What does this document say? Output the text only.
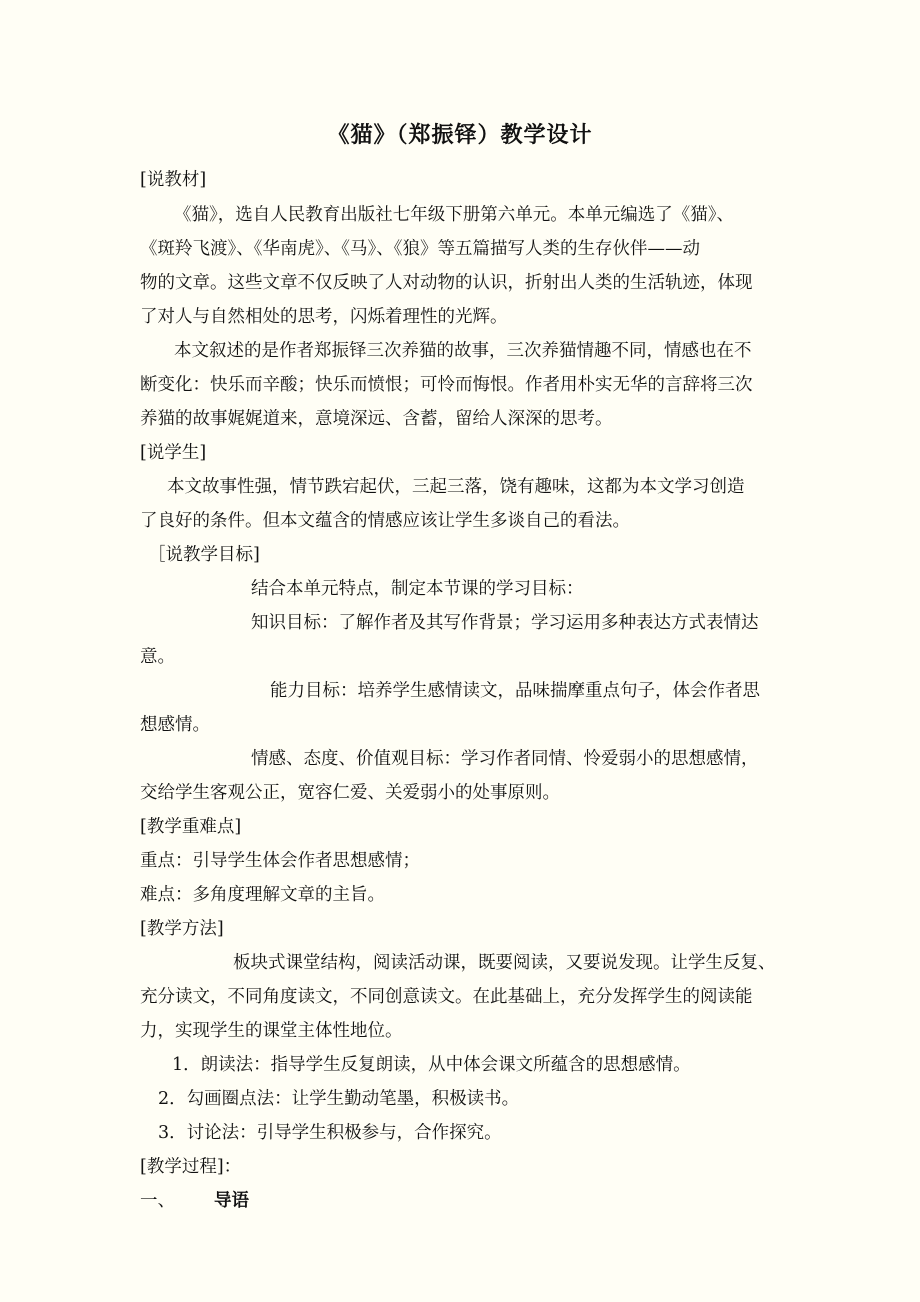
《猫》（郑振铎）教学设计
[说教材]
《猫》，选自人民教育出版社七年级下册第六单元。本单元编选了《猫》、
《斑羚飞渡》、《华南虎》、《马》、《狼》等五篇描写人类的生存伙伴——动
物的文章。这些文章不仅反映了人对动物的认识，折射出人类的生活轨迹，体现
了对人与自然相处的思考，闪烁着理性的光辉。
本文叙述的是作者郑振铎三次养猫的故事，三次养猫情趣不同，情感也在不
断变化：快乐而辛酸；快乐而愤恨；可怜而悔恨。作者用朴实无华的言辞将三次
养猫的故事娓娓道来，意境深远、含蓄，留给人深深的思考。
[说学生]
本文故事性强，情节跌宕起伏，三起三落，饶有趣味，这都为本文学习创造
了良好的条件。但本文蕴含的情感应该让学生多谈自己的看法。
［说教学目标]
结合本单元特点，制定本节课的学习目标：
知识目标：了解作者及其写作背景；学习运用多种表达方式表情达
意。
能力目标：培养学生感情读文，品味揣摩重点句子，体会作者思
想感情。
情感、态度、价值观目标：学习作者同情、怜爱弱小的思想感情，
交给学生客观公正，宽容仁爱、关爱弱小的处事原则。
[教学重难点]
重点：引导学生体会作者思想感情；
难点：多角度理解文章的主旨。
[教学方法]
板块式课堂结构，阅读活动课，既要阅读，又要说发现。让学生反复、
充分读文，不同角度读文，不同创意读文。在此基础上，充分发挥学生的阅读能
力，实现学生的课堂主体性地位。
1．朗读法：指导学生反复朗读，从中体会课文所蕴含的思想感情。
2．勾画圈点法：让学生勤动笔墨，积极读书。
3．讨论法：引导学生积极参与，合作探究。
[教学过程]：
一、 导语
